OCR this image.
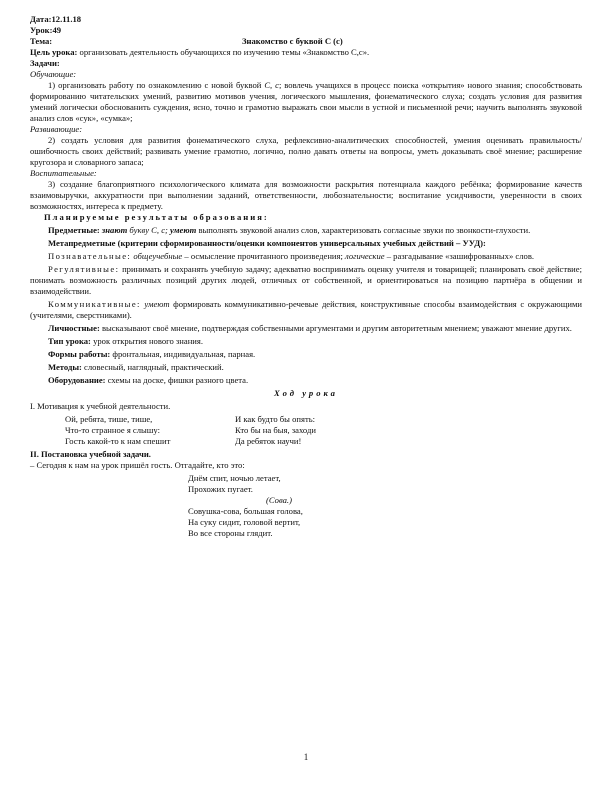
Дата:12.11.18

Урок:49

Тема:	Знакомство с буквой С (с)

Цель урока: организовать деятельность обучающихся по изучению темы «Знакомство С,с».

Задачи:

Обучающие:

1) организовать работу по ознакомлению с новой буквой С, с; вовлечь учащихся в процесс поиска «открытия» нового знания; способствовать формированию читательских умений, развитию мотивов учения, логического мышления, фонематического слуха; создать условия для развития умений логически обоснованить суждения, ясно, точно и грамотно выражать свои мысли в устной и письменной речи; научить выполнять звуковой анализ слов «сук», «сумка»;

Развивающие:

2) создать условия для развития фонематического слуха, рефлексивно-аналитических способностей, умения оценивать правильность/ошибочность своих действий; развивать умение грамотно, логично, полно давать ответы на вопросы, уметь доказывать своё мнение; расширение кругозора и словарного запаса;

Воспитательные:

3) создание благоприятного психологического климата для возможности раскрытия потенциала каждого ребёнка; формирование качеств взаимовыручки, аккуратности при выполнении заданий, ответственности, любознательности; воспитание усидчивости, уверенности в своих возможностях, интереса к предмету.

Планируемые результаты образования:

Предметные: знают букву С, с; умеют выполнять звуковой анализ слов, характеризовать согласные звуки по звонкости-глухости.

Метапредметные (критерии сформированности/оценки компонентов универсальных учебных действий – УУД):

Познавательные: общеучебные – осмысление прочитанного произведения; логические – разгадывание «зашифрованных» слов.

Регулятивные: принимать и сохранять учебную задачу; адекватно воспринимать оценку учителя и товарищей; планировать своё действие; понимать возможность различных позиций других людей, отличных от собственной, и ориентироваться на позицию партнёра в общении и взаимодействии.

Коммуникативные: умеют формировать коммуникативно-речевые действия, конструктивные способы взаимодействия с окружающими (учителями, сверстниками).

Личностные: высказывают своё мнение, подтверждая собственными аргументами и другим авторитетным мнением; уважают мнение других.

Тип урока: урок открытия нового знания.

Формы работы: фронтальная, индивидуальная, парная.

Методы: словесный, наглядный, практический.

Оборудование: схемы на доске, фишки разного цвета.

Ход урока

I. Мотивация к учебной деятельности.

Ой, ребята, тише, тише,	И как будто бы опять:
Что-то странное я слышу:	Кто бы на быя, заходи
Гость какой-то к нам спешит	Да ребяток научи!

II. Постановка учебной задачи.

– Сегодня к нам на урок пришёл гость. Отгадайте, кто это:

Днём спит, ночью летает,

Прохожих пугает.

(Сова.)

Совушка-сова, большая голова,

На суку сидит, головой вертит,

Во все стороны глядит.

1
